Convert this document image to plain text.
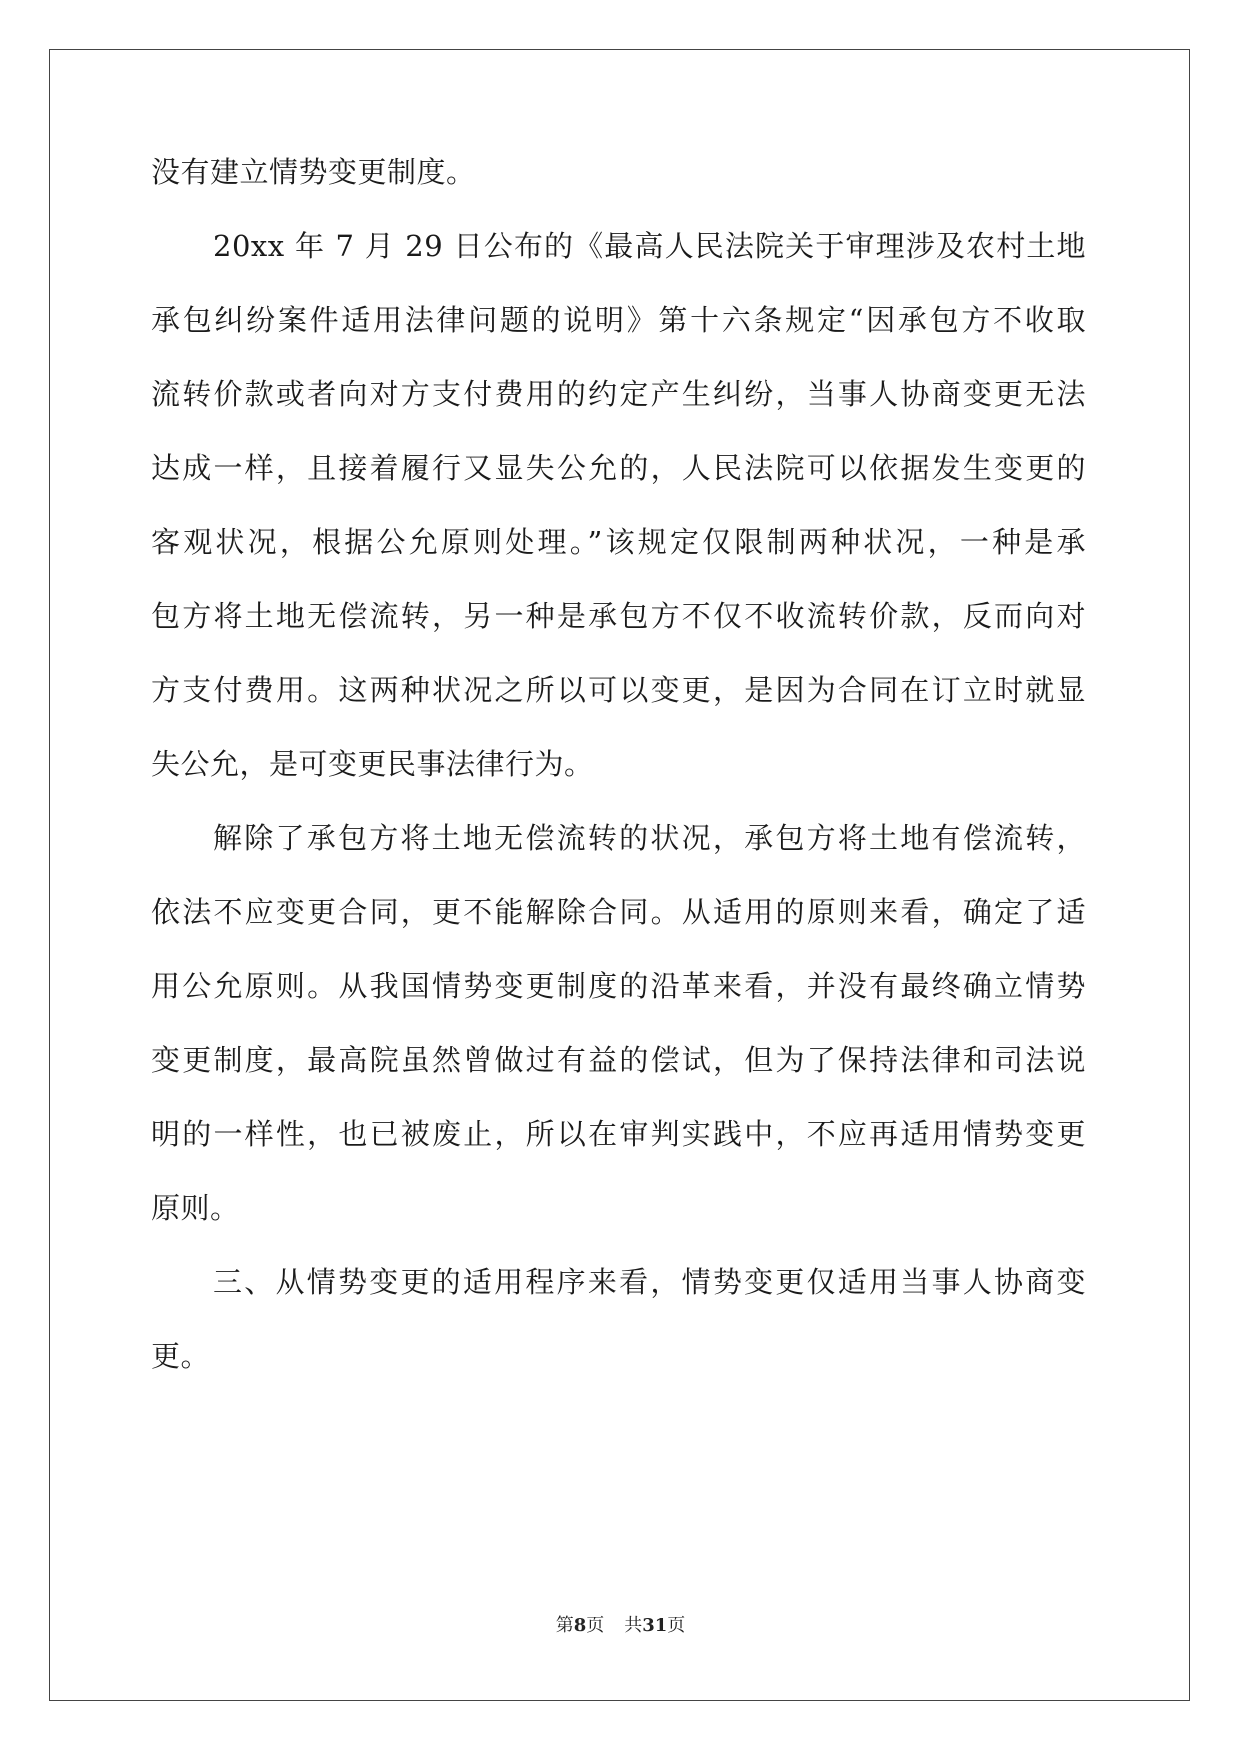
没有建立情势变更制度。
20xx 年 7 月 29 日公布的《最高人民法院关于审理涉及农村土地
承包纠纷案件适用法律问题的说明》第十六条规定“因承包方不收取
流转价款或者向对方支付费用的约定产生纠纷，当事人协商变更无法
达成一样，且接着履行又显失公允的，人民法院可以依据发生变更的
客观状况，根据公允原则处理。”该规定仅限制两种状况，一种是承
包方将土地无偿流转，另一种是承包方不仅不收流转价款，反而向对
方支付费用。这两种状况之所以可以变更，是因为合同在订立时就显
失公允，是可变更民事法律行为。
解除了承包方将土地无偿流转的状况，承包方将土地有偿流转，
依法不应变更合同，更不能解除合同。从适用的原则来看，确定了适
用公允原则。从我国情势变更制度的沿革来看，并没有最终确立情势
变更制度，最高院虽然曾做过有益的偿试，但为了保持法律和司法说
明的一样性，也已被废止，所以在审判实践中，不应再适用情势变更
原则。
三、从情势变更的适用程序来看，情势变更仅适用当事人协商变
更。
第8页 共31页
